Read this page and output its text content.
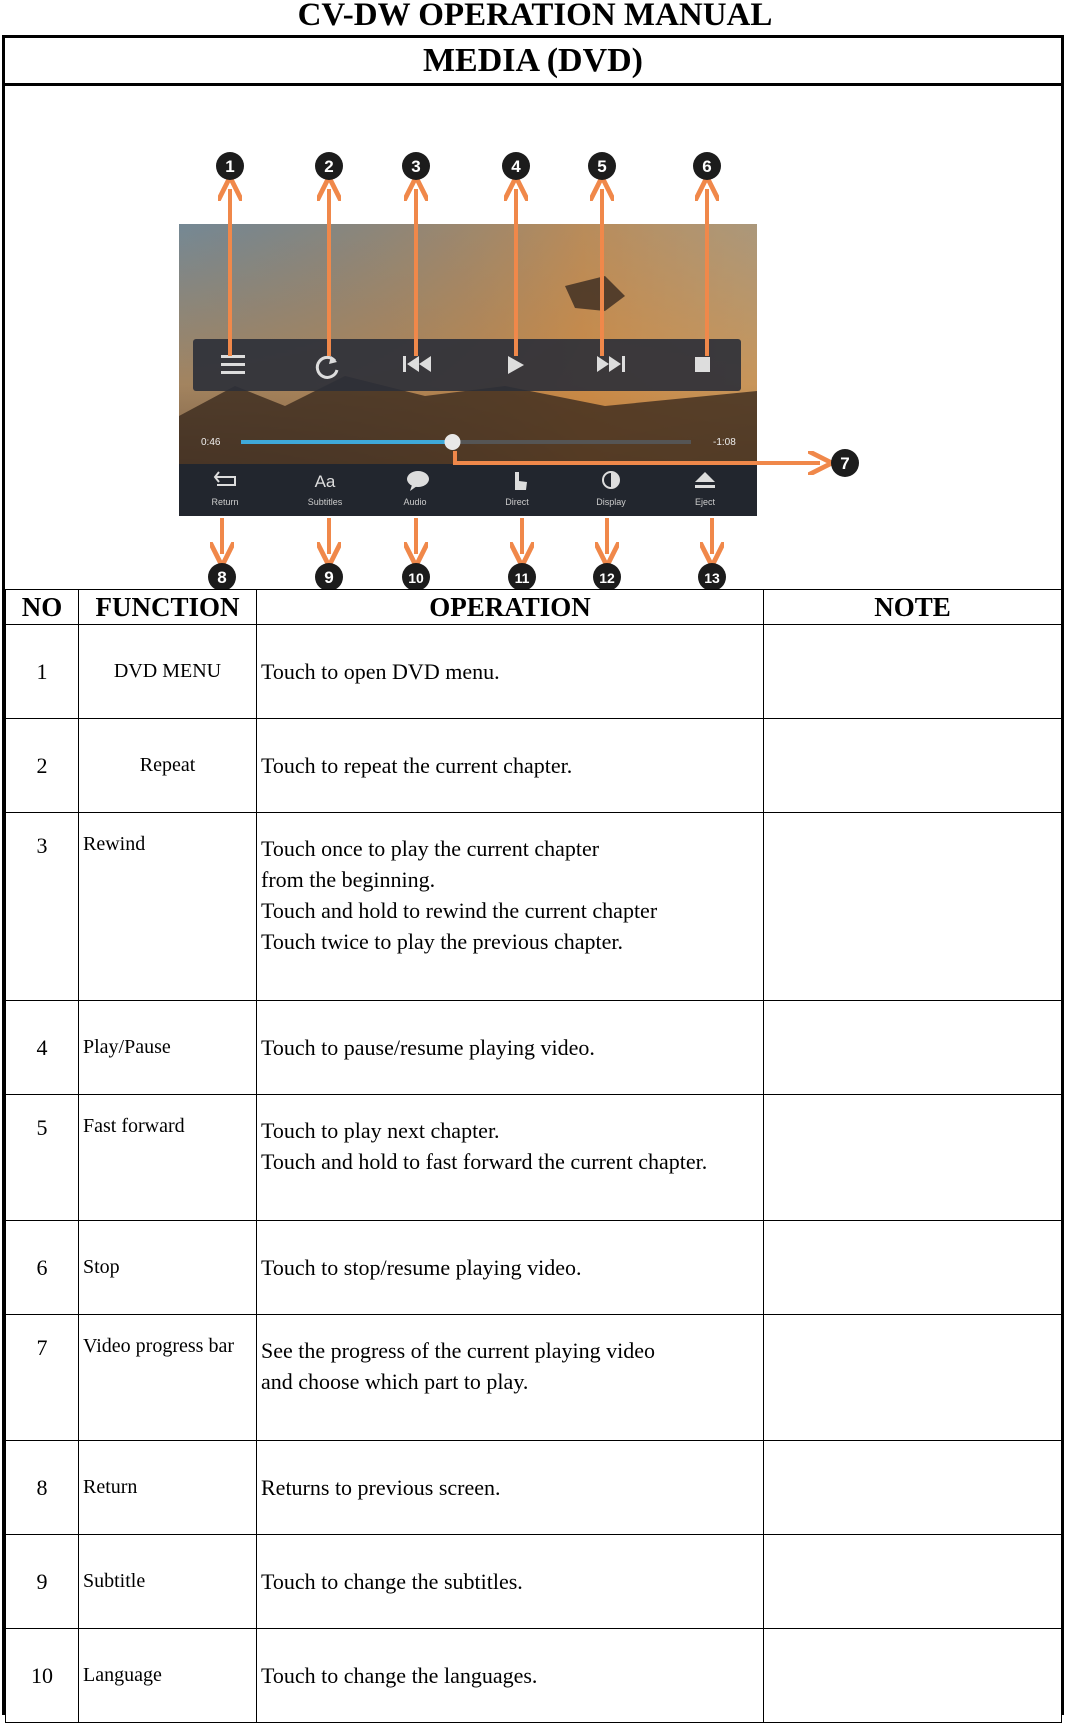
CV-DW OPERATION MANUAL
MEDIA (DVD)
0:46	-1:08
Return
Aa
Subtitles	Audio	Direct	Display	Eject
1	2	3	4	5	6
7
8	9	10	11	12	13
NO	FUNCTION	OPERATION	NOTE
1	DVD MENU	Touch to open DVD menu.	

2	Repeat	Touch to repeat the current chapter.	

3	Rewind	Touch once to play the current chapter
from the beginning.
Touch and hold to rewind the current chapter
Touch twice to play the previous chapter.	

4	Play/Pause	Touch to pause/resume playing video.	

5	Fast forward	Touch to play next chapter.
Touch and hold to fast forward the current chapter.	

6	Stop	Touch to stop/resume playing video.	

7	Video progress bar	See the progress of the current playing video
and choose which part to play.	

8	Return	Returns to previous screen.	

9	Subtitle	Touch to change the subtitles.	

10	Language	Touch to change the languages.	
